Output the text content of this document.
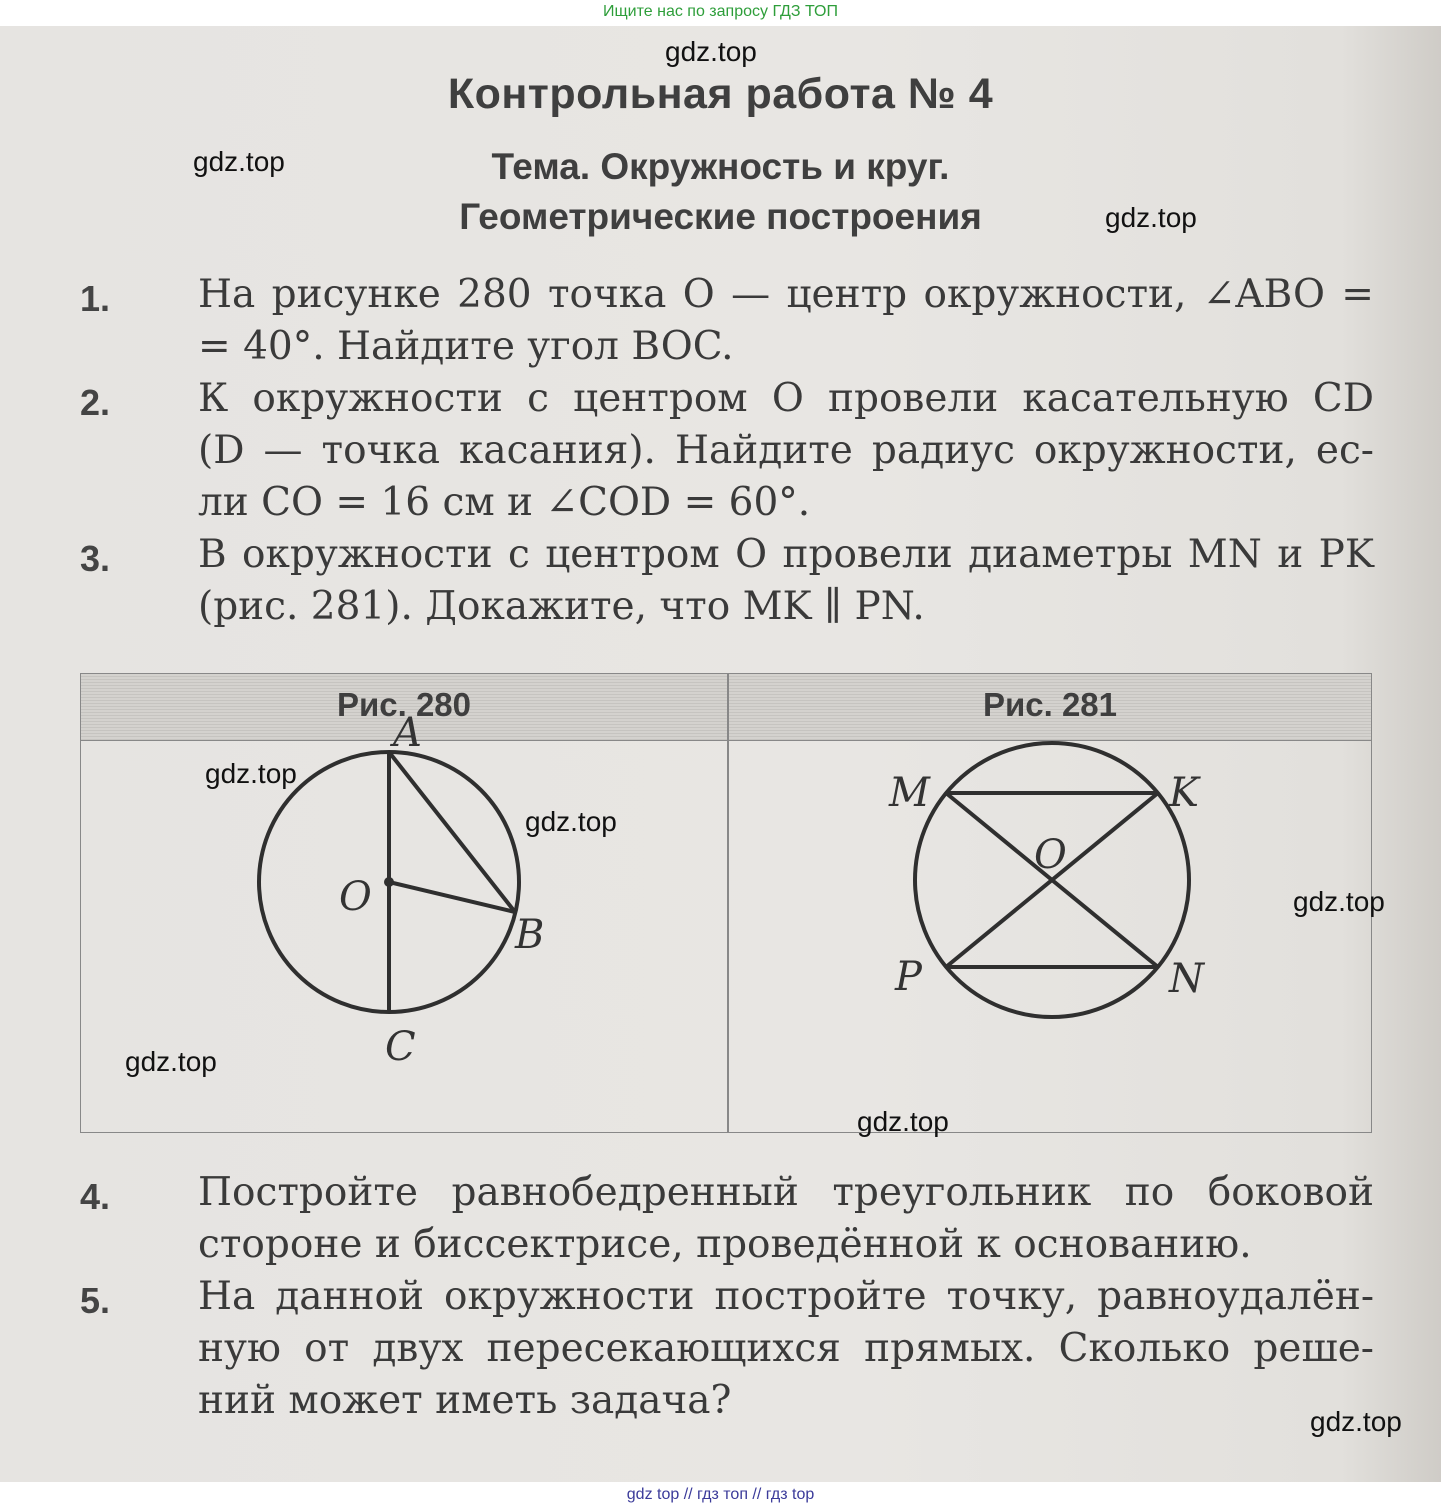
Ищите нас по запросу ГДЗ ТОП
Контрольная работа № 4
Тема. Окружность и круг.
Геометрические построения
1. На рисунке 280 точка O — центр окружности, ∠ABO =
= 40°. Найдите угол BOC.
2. К окружности с центром O провели касательную CD
(D — точка касания). Найдите радиус окружности, ес-
ли CO = 16 см и ∠COD = 60°.
3. В окружности с центром O провели диаметры MN и PK
(рис. 281). Докажите, что MK ∥ PN.
Рис. 280	Рис. 281
A
O
B
C
M	K
O
P	N
4. Постройте равнобедренный треугольник по боковой
стороне и биссектрисе, проведённой к основанию.
5. На данной окружности постройте точку, равноудалён-
ную от двух пересекающихся прямых. Сколько реше-
ний может иметь задача?
gdz.top
gdz.top
gdz.top
gdz.top
gdz.top
gdz.top
gdz.top
gdz.top
gdz.top
gdz top // гдз топ // гдз top
